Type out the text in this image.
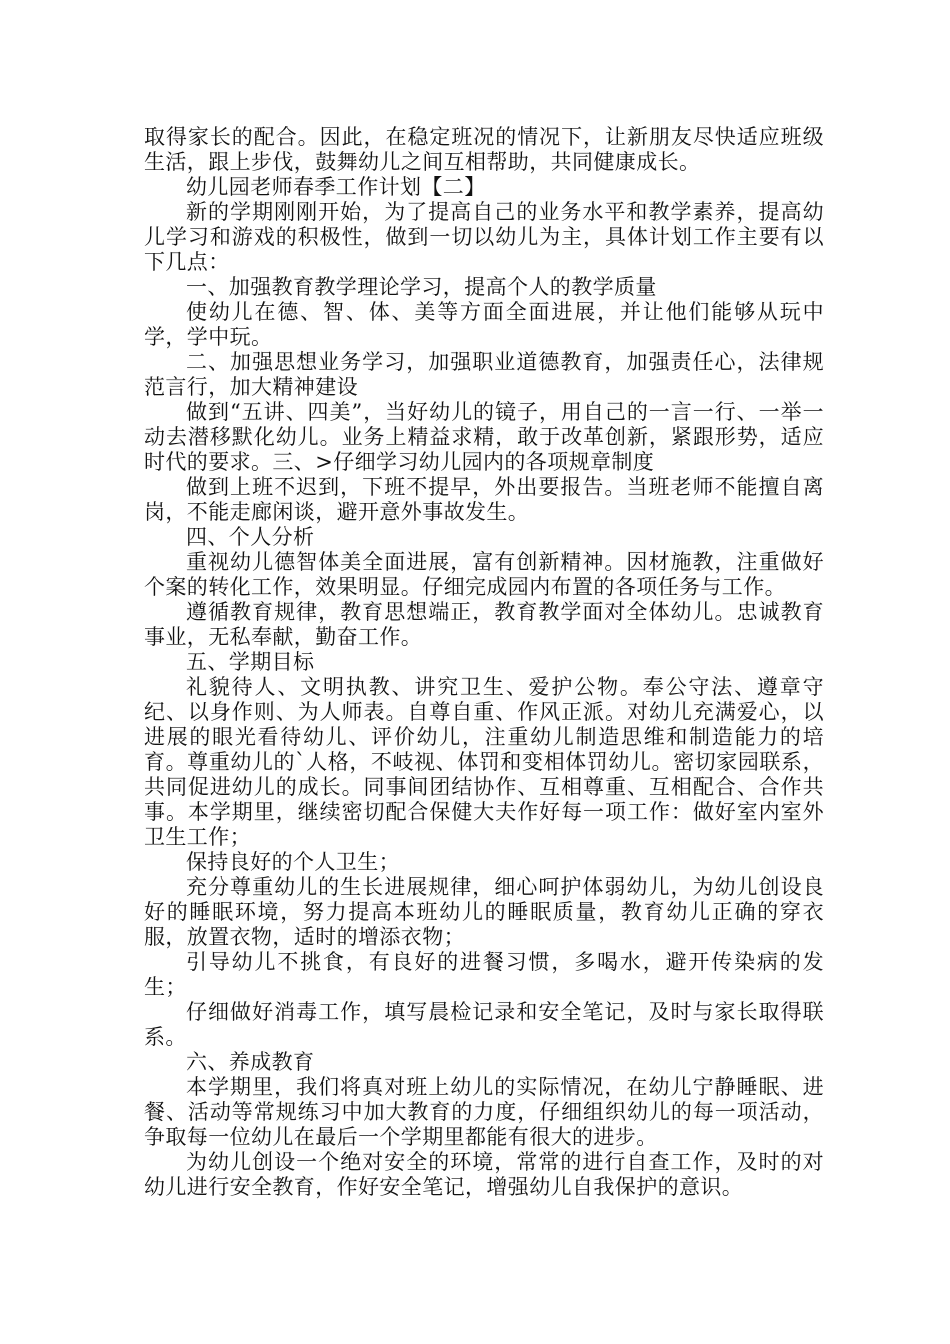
取得家长的配合。因此，在稳定班况的情况下，让新朋友尽快适应班级生活，跟上步伐，鼓舞幼儿之间互相帮助，共同健康成长。

幼儿园老师春季工作计划【二】

新的学期刚刚开始，为了提高自己的业务水平和教学素养，提高幼儿学习和游戏的积极性，做到一切以幼儿为主，具体计划工作主要有以下几点：

一、加强教育教学理论学习，提高个人的教学质量

使幼儿在德、智、体、美等方面全面进展，并让他们能够从玩中学，学中玩。

二、加强思想业务学习，加强职业道德教育，加强责任心，法律规范言行，加大精神建设

做到“五讲、四美”，当好幼儿的镜子，用自己的一言一行、一举一动去潜移默化幼儿。业务上精益求精，敢于改革创新，紧跟形势，适应时代的要求。三、>仔细学习幼儿园内的各项规章制度

做到上班不迟到，下班不提早，外出要报告。当班老师不能擅自离岗，不能走廊闲谈，避开意外事故发生。

四、个人分析

重视幼儿德智体美全面进展，富有创新精神。因材施教，注重做好个案的转化工作，效果明显。仔细完成园内布置的各项任务与工作。

遵循教育规律，教育思想端正，教育教学面对全体幼儿。忠诚教育事业，无私奉献，勤奋工作。

五、学期目标

礼貌待人、文明执教、讲究卫生、爱护公物。奉公守法、遵章守纪、以身作则、为人师表。自尊自重、作风正派。对幼儿充满爱心，以进展的眼光看待幼儿、评价幼儿，注重幼儿制造思维和制造能力的培育。尊重幼儿的`人格，不岐视、体罚和变相体罚幼儿。密切家园联系，共同促进幼儿的成长。同事间团结协作、互相尊重、互相配合、合作共事。本学期里，继续密切配合保健大夫作好每一项工作：做好室内室外卫生工作；

保持良好的个人卫生；

充分尊重幼儿的生长进展规律，细心呵护体弱幼儿，为幼儿创设良好的睡眠环境，努力提高本班幼儿的睡眠质量，教育幼儿正确的穿衣服，放置衣物，适时的增添衣物；

引导幼儿不挑食，有良好的进餐习惯，多喝水，避开传染病的发生；

仔细做好消毒工作，填写晨检记录和安全笔记，及时与家长取得联系。

六、养成教育

本学期里，我们将真对班上幼儿的实际情况，在幼儿宁静睡眠、进餐、活动等常规练习中加大教育的力度，仔细组织幼儿的每一项活动，争取每一位幼儿在最后一个学期里都能有很大的进步。

为幼儿创设一个绝对安全的环境，常常的进行自查工作，及时的对幼儿进行安全教育，作好安全笔记，增强幼儿自我保护的意识。
